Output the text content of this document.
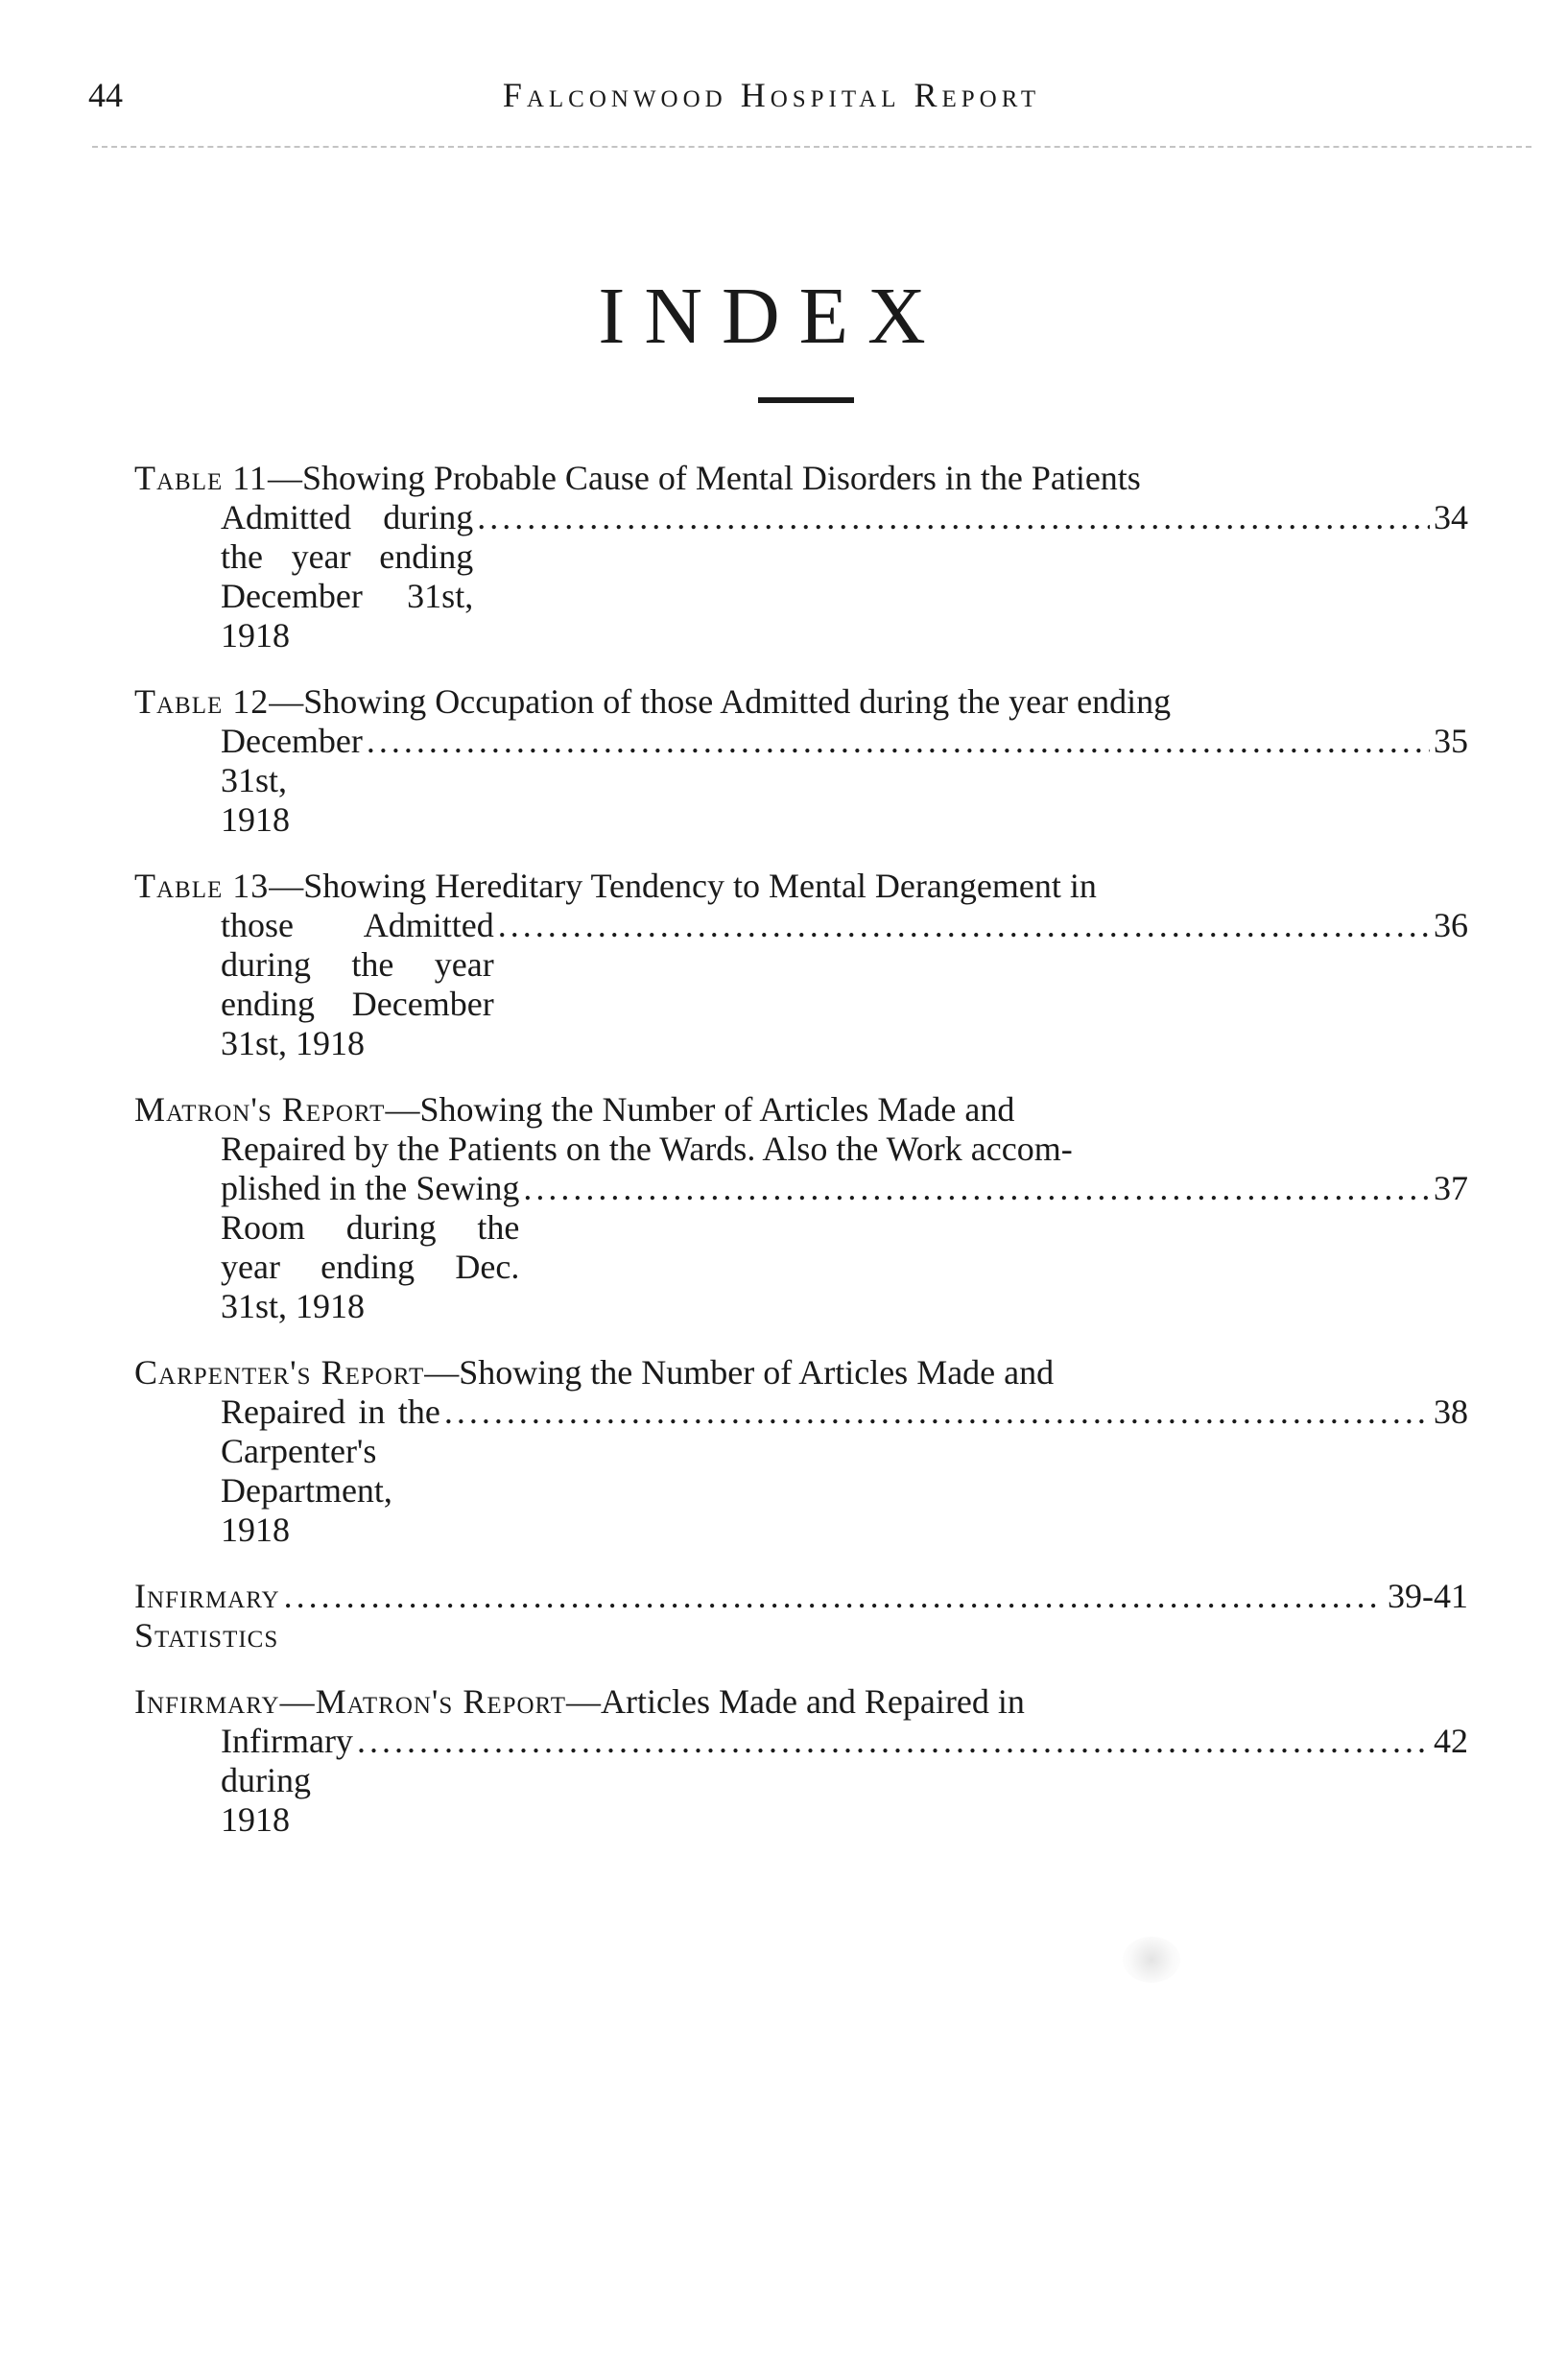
44	Falconwood Hospital Report
INDEX
Table 11—Showing Probable Cause of Mental Disorders in the Patients
Admitted during the year ending December 31st, 1918
.....
34
Table 12—Showing Occupation of those Admitted during the year ending
December 31st, 1918
.....
35
Table 13—Showing Hereditary Tendency to Mental Derangement in
those Admitted during the year ending December 31st, 1918
.....
36
Matron's Report—Showing the Number of Articles Made and
Repaired by the Patients on the Wards. Also the Work accom-
plished in the Sewing Room during the year ending Dec. 31st, 1918
.....
37
Carpenter's Report—Showing the Number of Articles Made and
Repaired in the Carpenter's Department, 1918
.....
38
Infirmary Statistics
.....
39-41
Infirmary—Matron's Report—Articles Made and Repaired in
Infirmary during 1918
.....
42
